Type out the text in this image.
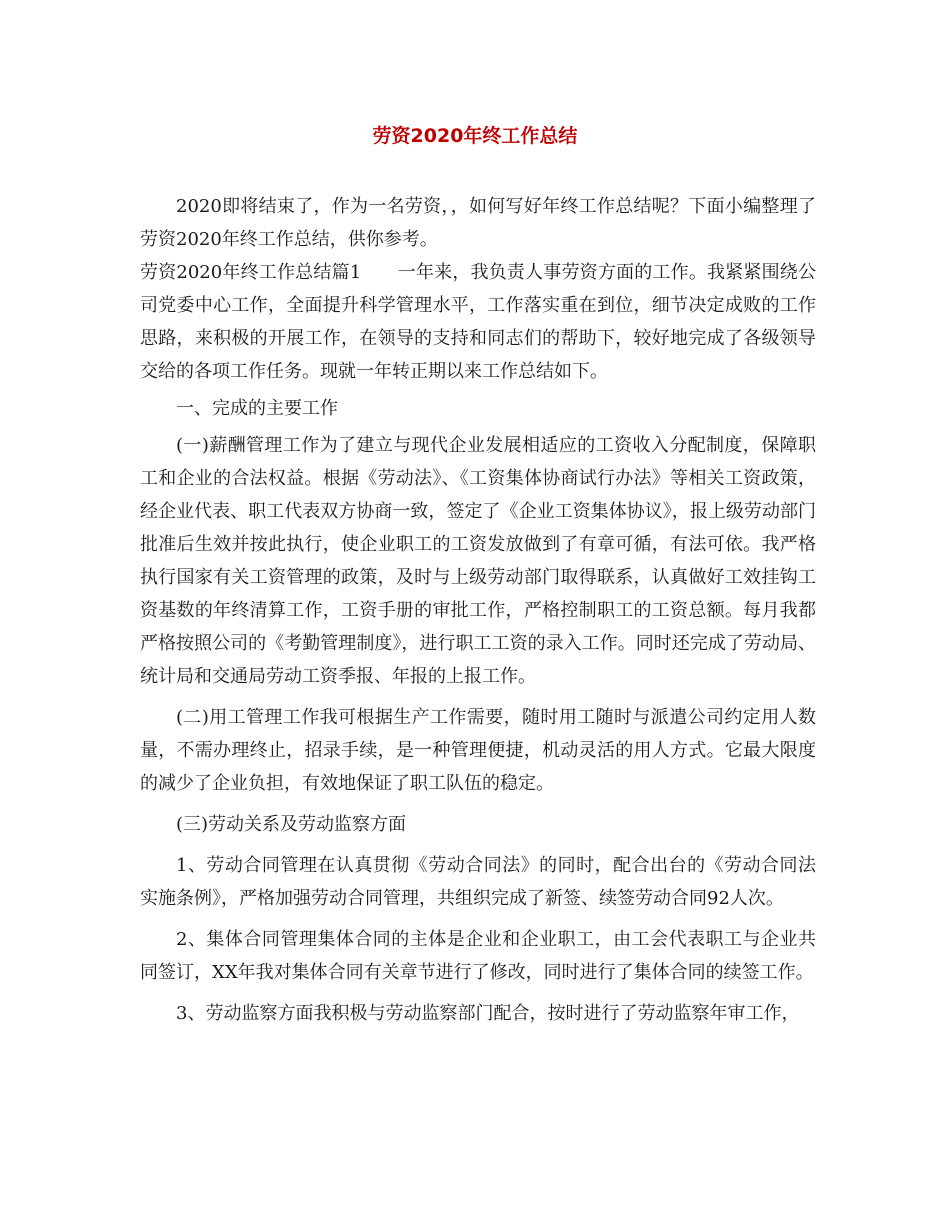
劳资2020年终工作总结

2020即将结束了，作为一名劳资，，如何写好年终工作总结呢？下面小编整理了劳资2020年终工作总结，供你参考。

劳资2020年终工作总结篇1　　一年来，我负责人事劳资方面的工作。我紧紧围绕公司党委中心工作，全面提升科学管理水平，工作落实重在到位，细节决定成败的工作思路，来积极的开展工作，在领导的支持和同志们的帮助下，较好地完成了各级领导交给的各项工作任务。现就一年转正期以来工作总结如下。

一、完成的主要工作

(一)薪酬管理工作为了建立与现代企业发展相适应的工资收入分配制度，保障职工和企业的合法权益。根据《劳动法》、《工资集体协商试行办法》等相关工资政策，经企业代表、职工代表双方协商一致，签定了《企业工资集体协议》，报上级劳动部门批准后生效并按此执行，使企业职工的工资发放做到了有章可循，有法可依。我严格执行国家有关工资管理的政策，及时与上级劳动部门取得联系，认真做好工效挂钩工资基数的年终清算工作，工资手册的审批工作，严格控制职工的工资总额。每月我都严格按照公司的《考勤管理制度》，进行职工工资的录入工作。同时还完成了劳动局、统计局和交通局劳动工资季报、年报的上报工作。

(二)用工管理工作我可根据生产工作需要，随时用工随时与派遣公司约定用人数量，不需办理终止，招录手续，是一种管理便捷，机动灵活的用人方式。它最大限度的减少了企业负担，有效地保证了职工队伍的稳定。

(三)劳动关系及劳动监察方面

1、劳动合同管理在认真贯彻《劳动合同法》的同时，配合出台的《劳动合同法实施条例》，严格加强劳动合同管理，共组织完成了新签、续签劳动合同92人次。

2、集体合同管理集体合同的主体是企业和企业职工，由工会代表职工与企业共同签订，XX年我对集体合同有关章节进行了修改，同时进行了集体合同的续签工作。

3、劳动监察方面我积极与劳动监察部门配合，按时进行了劳动监察年审工作，
